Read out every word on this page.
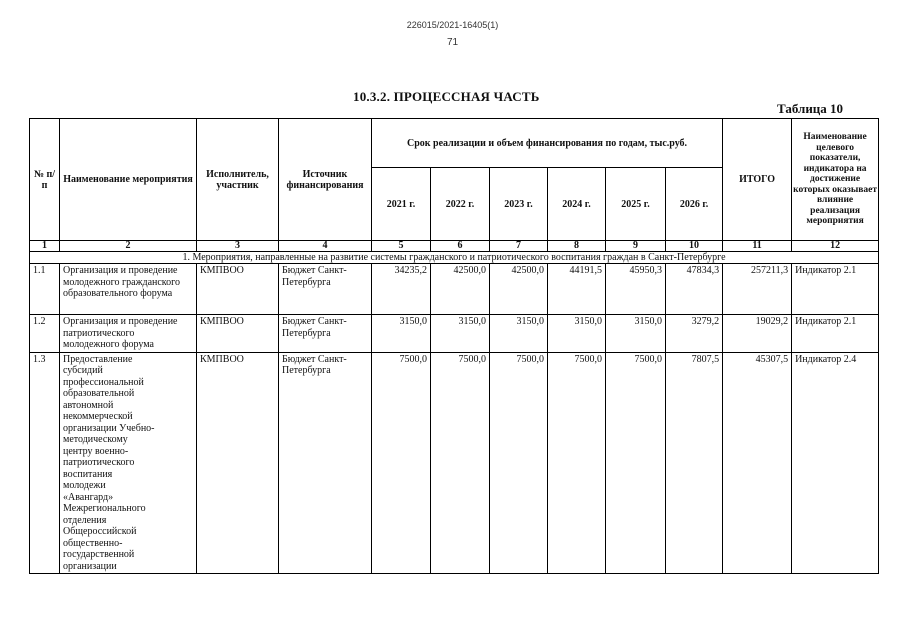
226015/2021-16405(1)
71
10.3.2. ПРОЦЕССНАЯ ЧАСТЬ
Таблица 10
№ п/п	Наименование мероприятия	Исполнитель, участник	Источник финансирования	Срок реализации и объем финансирования по годам, тыс.руб.						ИТОГО	Наименование целевого показатели, индикатора на достижение которых оказывает влияние реализация мероприятия
				2021 г.	2022 г.	2023 г.	2024 г.	2025 г.	2026 г.		
1	2	3	4	5	6	7	8	9	10	11	12
1. Мероприятия, направленные на развитие системы гражданского и патриотического воспитания граждан в Санкт-Петербурге											
1.1	Организация и проведение молодежного гражданского образовательного форума	КМПВОО	Бюджет Санкт-Петербурга	34235,2	42500,0	42500,0	44191,5	45950,3	47834,3	257211,3	Индикатор 2.1
1.2	Организация и проведение патриотического молодежного форума	КМПВОО	Бюджет Санкт-Петербурга	3150,0	3150,0	3150,0	3150,0	3150,0	3279,2	19029,2	Индикатор 2.1
1.3	Предоставление субсидий профессиональной образовательной автономной некоммерческой организации Учебно-методическому центру военно-патриотического воспитания молодежи «Авангард» Межрегионального отделения Общероссийской общественно-государственной организации	КМПВОО	Бюджет Санкт-Петербурга	7500,0	7500,0	7500,0	7500,0	7500,0	7807,5	45307,5	Индикатор 2.4
